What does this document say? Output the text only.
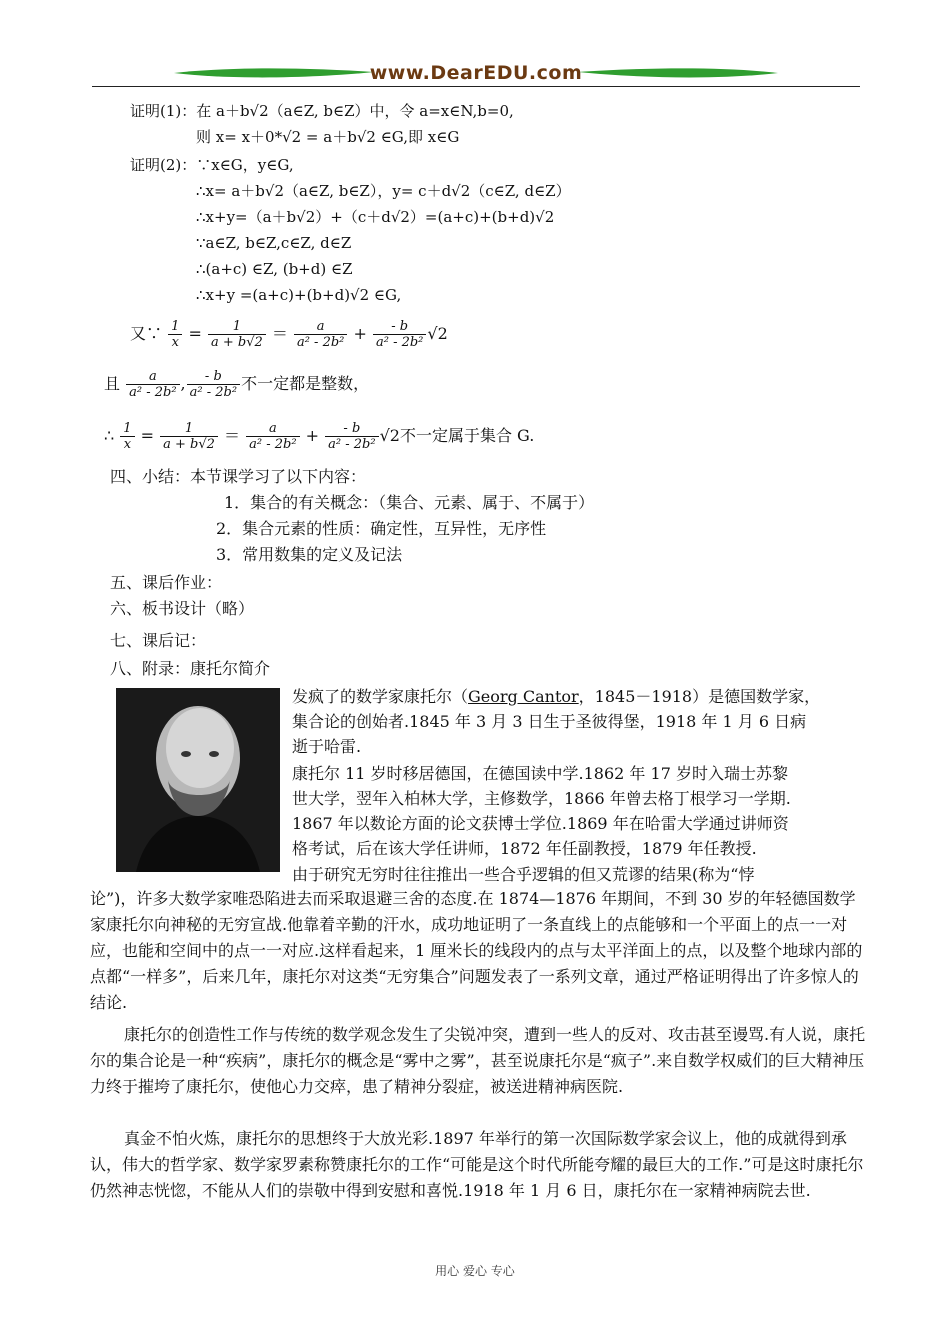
www.DearEDU.com
证明(1)：在 a＋b√2（a∈Z, b∈Z）中，令 a=x∈N,b=0,
则 x= x＋0*√2 = a＋b√2 ∈G,即 x∈G
证明(2)：∵x∈G，y∈G,
∴x= a＋b√2（a∈Z, b∈Z），y= c＋d√2（c∈Z, d∈Z）
∴x+y=（a＋b√2）+（c＋d√2）=(a+c)+(b+d)√2
∵a∈Z, b∈Z,c∈Z, d∈Z
∴(a+c) ∈Z, (b+d) ∈Z
∴x+y =(a+c)+(b+d)√2 ∈G,
又∵ $\frac{1}{x} = \frac{1}{a + b√2} = \frac{a}{\text{a² - 2b²}} + \frac{- b}{\text{a² - 2b²}} √2$
且 $\frac{a}{\text{a² - 2b²}}$ , $\frac{- b}{\text{a² - 2b²}}$ 不一定都是整数，
∴ $\frac{1}{x} = \frac{1}{a + b√2} = \frac{a}{\text{a² - 2b²}} + \frac{- b}{\text{a² - 2b²}} √2$不一定属于集合 G.
四、小结：本节课学习了以下内容：
1．集合的有关概念：（集合、元素、属于、不属于）
2．集合元素的性质：确定性，互异性，无序性
3．常用数集的定义及记法
五、课后作业：
六、板书设计（略）
七、课后记：
八、附录：康托尔简介
发疯了的数学家康托尔（Georg Cantor，1845－1918）是德国数学家，
集合论的创始者.1845 年 3 月 3 日生于圣彼得堡，1918 年 1 月 6 日病
逝于哈雷.
康托尔 11 岁时移居德国，在德国读中学.1862 年 17 岁时入瑞士苏黎
世大学，翌年入柏林大学，主修数学，1866 年曾去格丁根学习一学期.
1867 年以数论方面的论文获博士学位.1869 年在哈雷大学通过讲师资
格考试，后在该大学任讲师，1872 年任副教授，1879 年任教授.
由于研究无穷时往往推出一些合乎逻辑的但又荒谬的结果(称为“悖
论”)，许多大数学家唯恐陷进去而采取退避三舍的态度.在 1874—1876 年期间，不到 30 岁的年轻德国数学家康托尔向神秘的无穷宣战.他靠着辛勤的汗水，成功地证明了一条直线上的点能够和一个平面上的点一一对应，也能和空间中的点一一对应.这样看起来，1 厘米长的线段内的点与太平洋面上的点，以及整个地球内部的点都“一样多”，后来几年，康托尔对这类“无穷集合”问题发表了一系列文章，通过严格证明得出了许多惊人的结论.
康托尔的创造性工作与传统的数学观念发生了尖锐冲突，遭到一些人的反对、攻击甚至谩骂.有人说，康托尔的集合论是一种“疾病”，康托尔的概念是“雾中之雾”，甚至说康托尔是“疯子”.来自数学权威们的巨大精神压力终于摧垮了康托尔，使他心力交瘁，患了精神分裂症，被送进精神病医院.
真金不怕火炼，康托尔的思想终于大放光彩.1897 年举行的第一次国际数学家会议上，他的成就得到承认，伟大的哲学家、数学家罗素称赞康托尔的工作“可能是这个时代所能夸耀的最巨大的工作.”可是这时康托尔仍然神志恍惚，不能从人们的崇敬中得到安慰和喜悦.1918 年 1 月 6 日，康托尔在一家精神病院去世.
用心 爱心 专心
